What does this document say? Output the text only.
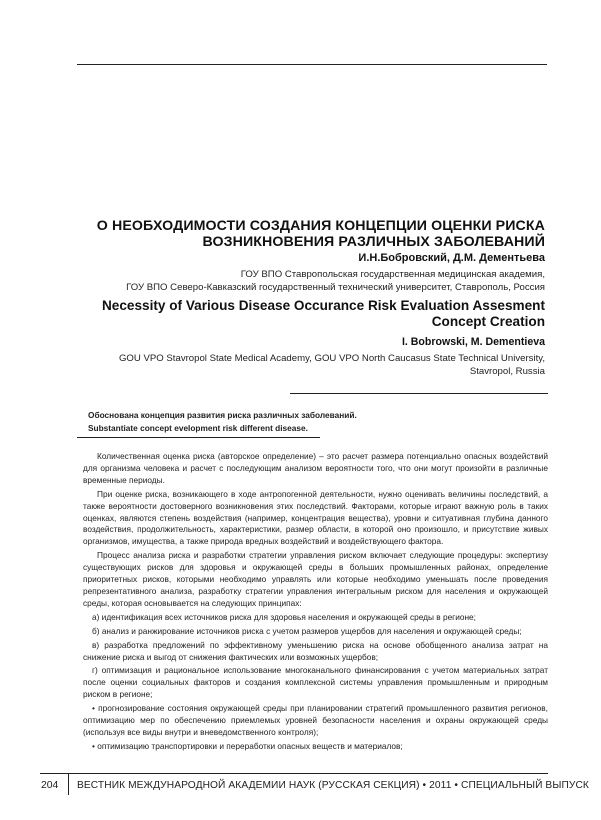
О НЕОБХОДИМОСТИ СОЗДАНИЯ КОНЦЕПЦИИ ОЦЕНКИ РИСКА
ВОЗНИКНОВЕНИЯ РАЗЛИЧНЫХ ЗАБОЛЕВАНИЙ
И.Н.Бобровский, Д.М. Дементьева
ГОУ ВПО Ставропольская государственная медицинская академия,
ГОУ ВПО Северо-Кавказский государственный технический университет, Ставрополь, Россия
Necessity of Various Disease Occurance Risk Evaluation Assesment
Concept Creation
I. Bobrowski, M. Dementieva
GOU VPO Stavropol State Medical Academy, GOU VPO North Caucasus State Technical University,
Stavropol, Russia
Обоснована концепция развития риска различных заболеваний.
Substantiate concept evelopment risk different disease.

Количественная оценка риска (авторское определение) – это расчет размера потенциально опасных воздействий для организма человека и расчет с последующим анализом вероятности того, что они могут произойти в различные временные периоды.

При оценке риска, возникающего в ходе антропогенной деятельности, нужно оценивать величины последствий, а также вероятности достоверного возникновения этих последствий. Факторами, которые играют важную роль в таких оценках, являются степень воздействия (например, концентрация вещества), уровни и ситуативная глубина данного воздействия, продолжительность, характеристики, размер области, в которой оно произошло, и присутствие живых организмов, имущества, а также природа вредных воздействий и воздействующего фактора.

Процесс анализа риска и разработки стратегии управления риском включает следующие процедуры: экспертизу существующих рисков для здоровья и окружающей среды в больших промышленных районах, определение приоритетных рисков, которыми необходимо управлять или которые необходимо уменьшать после проведения репрезентативного анализа, разработку стратегии управления интегральным риском для населения и окружающей среды, которая основывается на следующих принципах:

а) идентификация всех источников риска для здоровья населения и окружающей среды в регионе;

б) анализ и ранжирование источников риска с учетом размеров ущербов для населения и окружающей среды;

в) разработка предложений по эффективному уменьшению риска на основе обобщенного анализа затрат на снижение риска и выгод от снижения фактических или возможных ущербов;

г) оптимизация и рациональное использование многоканального финансирования с учетом материальных затрат после оценки социальных факторов и создания комплексной системы управления промышленным и природным риском в регионе;

• прогнозирование состояния окружающей среды при планировании стратегий промышленного развития регионов, оптимизацию мер по обеспечению приемлемых уровней безопасности населения и охраны окружающей среды (используя все виды внутри и вневедомственного контроля);

• оптимизацию транспортировки и переработки опасных веществ и материалов;

204 ВЕСТНИК МЕЖДУНАРОДНОЙ АКАДЕМИИ НАУК (РУССКАЯ СЕКЦИЯ) • 2011 • СПЕЦИАЛЬНЫЙ ВЫПУСК
